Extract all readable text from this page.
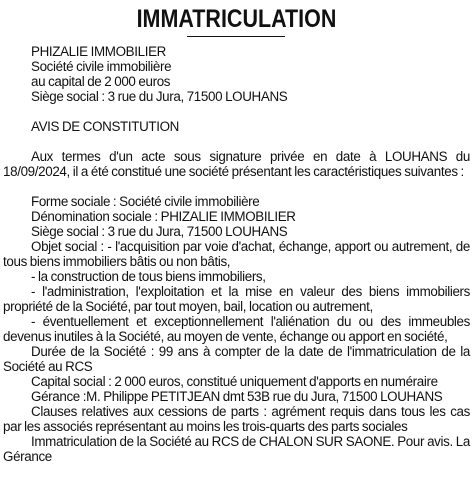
IMMATRICULATION
PHIZALIE IMMOBILIER
Société civile immobilière
au capital de 2 000 euros
Siège social : 3 rue du Jura, 71500 LOUHANS
AVIS DE CONSTITUTION
Aux termes d'un acte sous signature privée en date à LOUHANS du 18/09/2024, il a été constitué une société présentant les caractéristiques suivantes :
Forme sociale : Société civile immobilière
Dénomination sociale : PHIZALIE IMMOBILIER
Siège social : 3 rue du Jura, 71500 LOUHANS
Objet social : - l'acquisition par voie d'achat, échange, apport ou autrement, de tous biens immobiliers bâtis ou non bâtis,
- la construction de tous biens immobiliers,
- l'administration, l'exploitation et la mise en valeur des biens immobiliers propriété de la Société, par tout moyen, bail, location ou autrement,
- éventuellement et exceptionnellement l'aliénation du ou des immeubles devenus inutiles à la Société, au moyen de vente, échange ou apport en société,
Durée de la Société : 99 ans à compter de la date de l'immatriculation de la Société au RCS
Capital social : 2 000 euros, constitué uniquement d'apports en numéraire
Gérance :M. Philippe PETITJEAN dmt 53B rue du Jura, 71500 LOUHANS
Clauses relatives aux cessions de parts : agrément requis dans tous les cas par les associés représentant au moins les trois-quarts des parts sociales
Immatriculation de la Société au RCS de CHALON SUR SAONE. Pour avis. La Gérance
